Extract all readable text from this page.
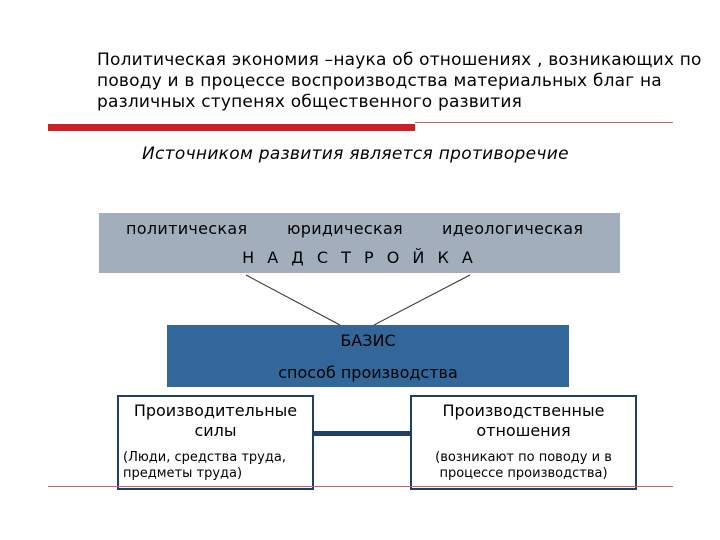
Политическая экономия –наука об отношениях , возникающих по поводу и в процессе воспроизводства материальных благ на различных ступенях общественного развития
Источником развития является противоречие
политическая юридическая идеологическая
Н А Д С Т Р О Й К А
БАЗИС
способ производства
Производительные силы
(Люди, средства труда, предметы труда)
Производственные отношения
(возникают по поводу и в процессе производства)
